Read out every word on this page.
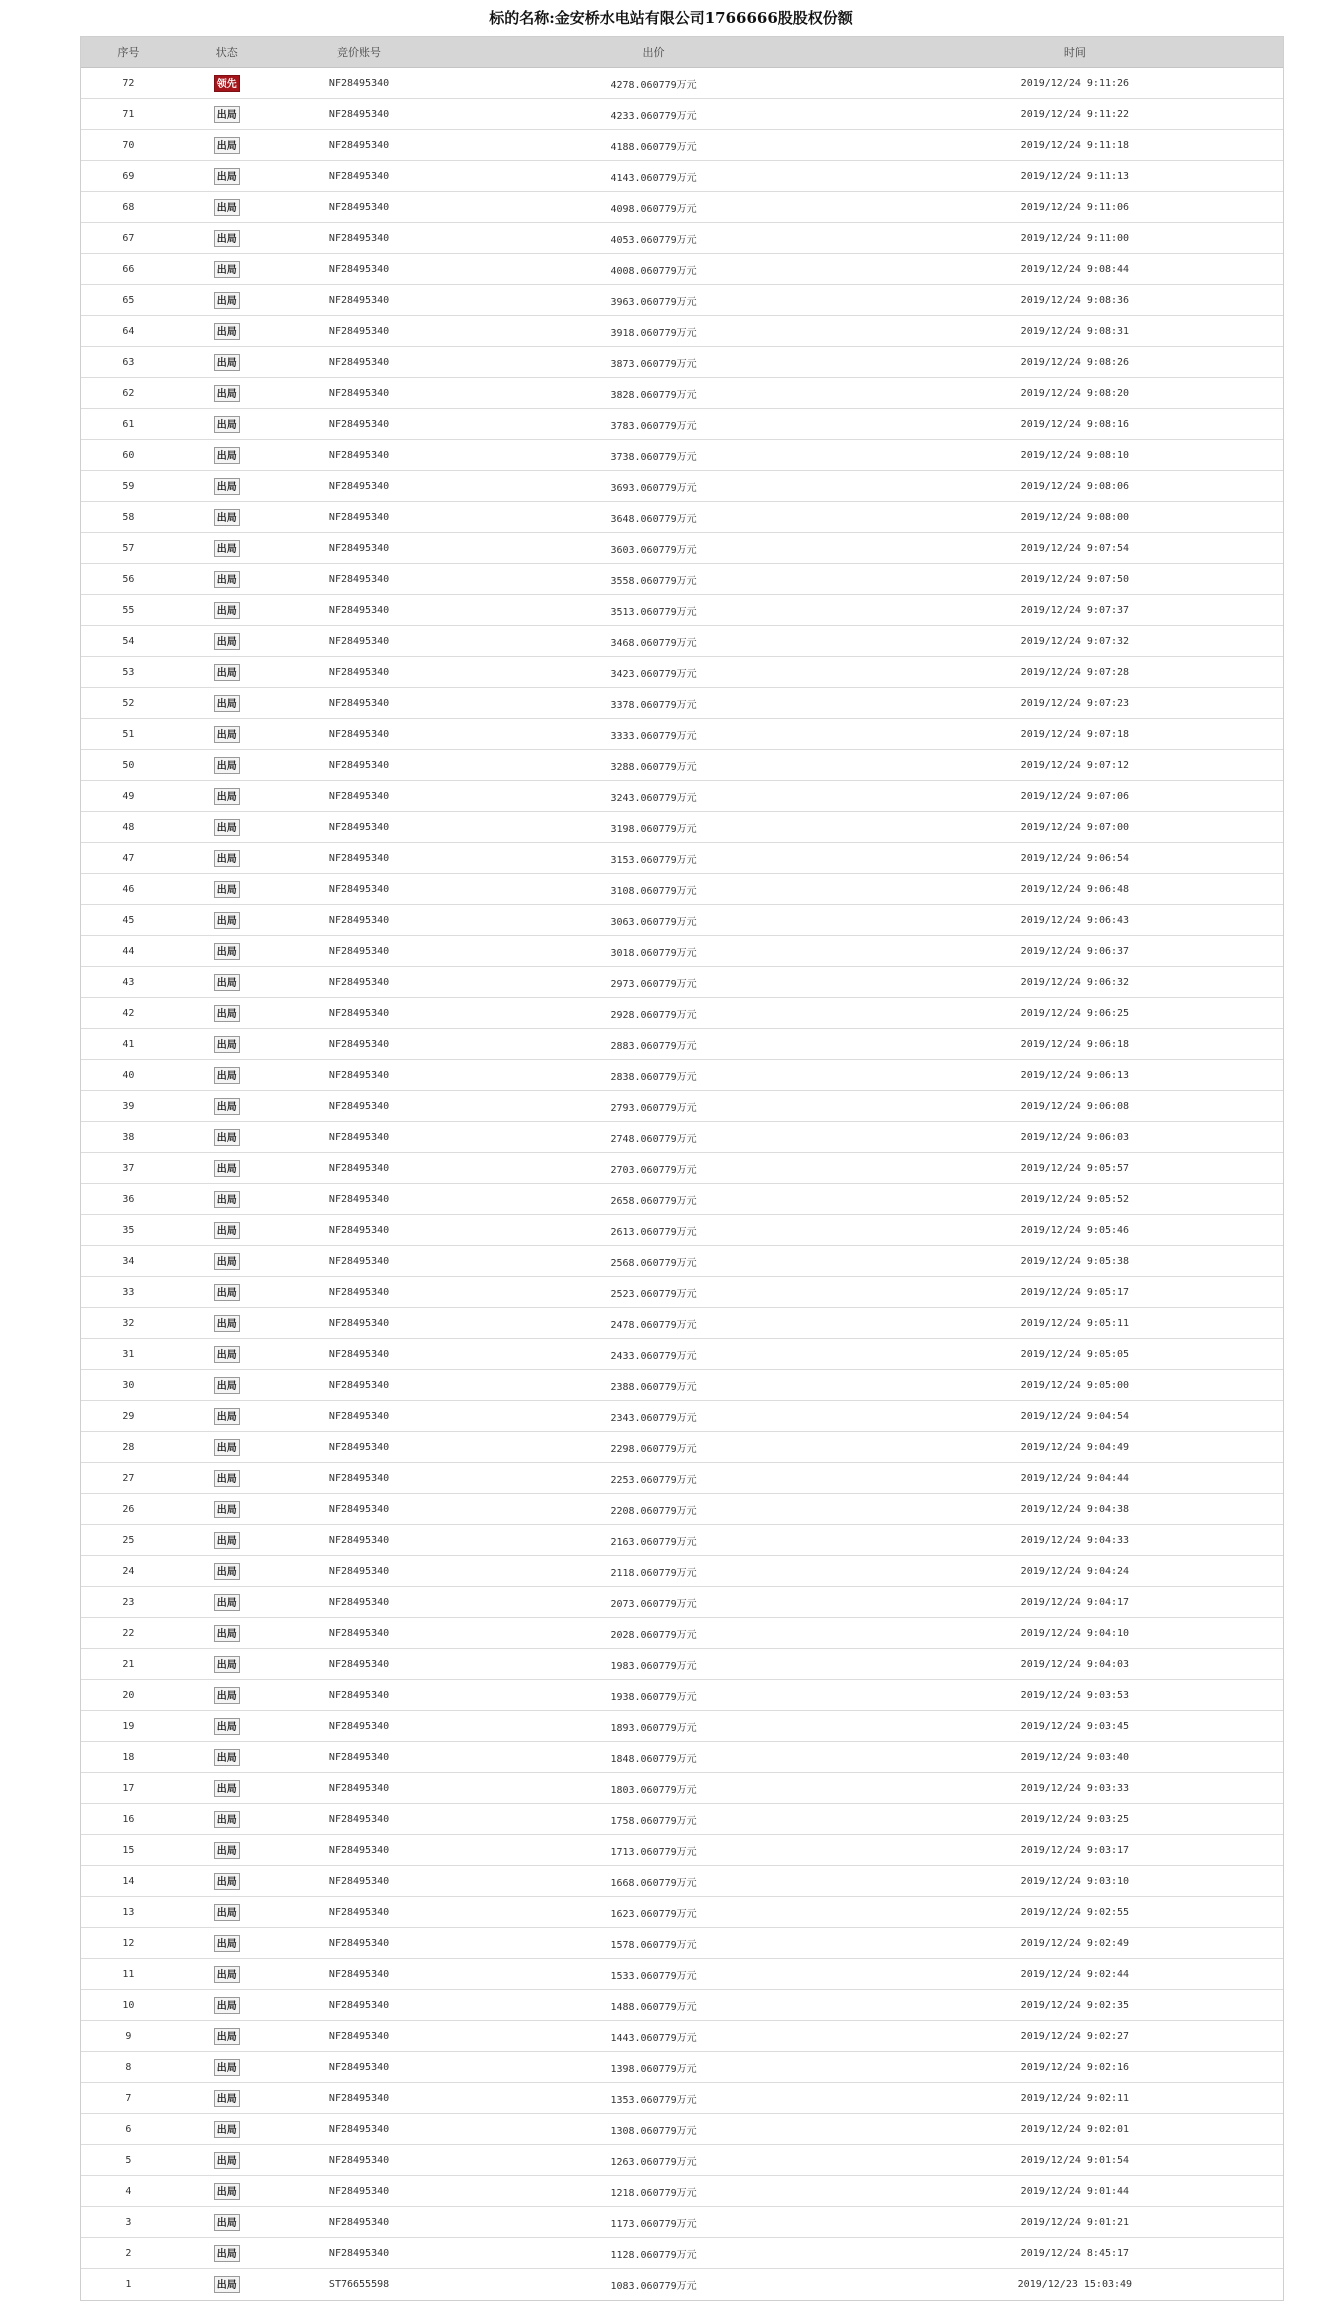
标的名称:金安桥水电站有限公司1766666股股权份额
序号	状态	竞价账号	出价	时间
72	领先	NF28495340	4278.060779万元	2019/12/24 9:11:26
71	出局	NF28495340	4233.060779万元	2019/12/24 9:11:22
70	出局	NF28495340	4188.060779万元	2019/12/24 9:11:18
69	出局	NF28495340	4143.060779万元	2019/12/24 9:11:13
68	出局	NF28495340	4098.060779万元	2019/12/24 9:11:06
67	出局	NF28495340	4053.060779万元	2019/12/24 9:11:00
66	出局	NF28495340	4008.060779万元	2019/12/24 9:08:44
65	出局	NF28495340	3963.060779万元	2019/12/24 9:08:36
64	出局	NF28495340	3918.060779万元	2019/12/24 9:08:31
63	出局	NF28495340	3873.060779万元	2019/12/24 9:08:26
62	出局	NF28495340	3828.060779万元	2019/12/24 9:08:20
61	出局	NF28495340	3783.060779万元	2019/12/24 9:08:16
60	出局	NF28495340	3738.060779万元	2019/12/24 9:08:10
59	出局	NF28495340	3693.060779万元	2019/12/24 9:08:06
58	出局	NF28495340	3648.060779万元	2019/12/24 9:08:00
57	出局	NF28495340	3603.060779万元	2019/12/24 9:07:54
56	出局	NF28495340	3558.060779万元	2019/12/24 9:07:50
55	出局	NF28495340	3513.060779万元	2019/12/24 9:07:37
54	出局	NF28495340	3468.060779万元	2019/12/24 9:07:32
53	出局	NF28495340	3423.060779万元	2019/12/24 9:07:28
52	出局	NF28495340	3378.060779万元	2019/12/24 9:07:23
51	出局	NF28495340	3333.060779万元	2019/12/24 9:07:18
50	出局	NF28495340	3288.060779万元	2019/12/24 9:07:12
49	出局	NF28495340	3243.060779万元	2019/12/24 9:07:06
48	出局	NF28495340	3198.060779万元	2019/12/24 9:07:00
47	出局	NF28495340	3153.060779万元	2019/12/24 9:06:54
46	出局	NF28495340	3108.060779万元	2019/12/24 9:06:48
45	出局	NF28495340	3063.060779万元	2019/12/24 9:06:43
44	出局	NF28495340	3018.060779万元	2019/12/24 9:06:37
43	出局	NF28495340	2973.060779万元	2019/12/24 9:06:32
42	出局	NF28495340	2928.060779万元	2019/12/24 9:06:25
41	出局	NF28495340	2883.060779万元	2019/12/24 9:06:18
40	出局	NF28495340	2838.060779万元	2019/12/24 9:06:13
39	出局	NF28495340	2793.060779万元	2019/12/24 9:06:08
38	出局	NF28495340	2748.060779万元	2019/12/24 9:06:03
37	出局	NF28495340	2703.060779万元	2019/12/24 9:05:57
36	出局	NF28495340	2658.060779万元	2019/12/24 9:05:52
35	出局	NF28495340	2613.060779万元	2019/12/24 9:05:46
34	出局	NF28495340	2568.060779万元	2019/12/24 9:05:38
33	出局	NF28495340	2523.060779万元	2019/12/24 9:05:17
32	出局	NF28495340	2478.060779万元	2019/12/24 9:05:11
31	出局	NF28495340	2433.060779万元	2019/12/24 9:05:05
30	出局	NF28495340	2388.060779万元	2019/12/24 9:05:00
29	出局	NF28495340	2343.060779万元	2019/12/24 9:04:54
28	出局	NF28495340	2298.060779万元	2019/12/24 9:04:49
27	出局	NF28495340	2253.060779万元	2019/12/24 9:04:44
26	出局	NF28495340	2208.060779万元	2019/12/24 9:04:38
25	出局	NF28495340	2163.060779万元	2019/12/24 9:04:33
24	出局	NF28495340	2118.060779万元	2019/12/24 9:04:24
23	出局	NF28495340	2073.060779万元	2019/12/24 9:04:17
22	出局	NF28495340	2028.060779万元	2019/12/24 9:04:10
21	出局	NF28495340	1983.060779万元	2019/12/24 9:04:03
20	出局	NF28495340	1938.060779万元	2019/12/24 9:03:53
19	出局	NF28495340	1893.060779万元	2019/12/24 9:03:45
18	出局	NF28495340	1848.060779万元	2019/12/24 9:03:40
17	出局	NF28495340	1803.060779万元	2019/12/24 9:03:33
16	出局	NF28495340	1758.060779万元	2019/12/24 9:03:25
15	出局	NF28495340	1713.060779万元	2019/12/24 9:03:17
14	出局	NF28495340	1668.060779万元	2019/12/24 9:03:10
13	出局	NF28495340	1623.060779万元	2019/12/24 9:02:55
12	出局	NF28495340	1578.060779万元	2019/12/24 9:02:49
11	出局	NF28495340	1533.060779万元	2019/12/24 9:02:44
10	出局	NF28495340	1488.060779万元	2019/12/24 9:02:35
9	出局	NF28495340	1443.060779万元	2019/12/24 9:02:27
8	出局	NF28495340	1398.060779万元	2019/12/24 9:02:16
7	出局	NF28495340	1353.060779万元	2019/12/24 9:02:11
6	出局	NF28495340	1308.060779万元	2019/12/24 9:02:01
5	出局	NF28495340	1263.060779万元	2019/12/24 9:01:54
4	出局	NF28495340	1218.060779万元	2019/12/24 9:01:44
3	出局	NF28495340	1173.060779万元	2019/12/24 9:01:21
2	出局	NF28495340	1128.060779万元	2019/12/24 8:45:17
1	出局	ST76655598	1083.060779万元	2019/12/23 15:03:49
